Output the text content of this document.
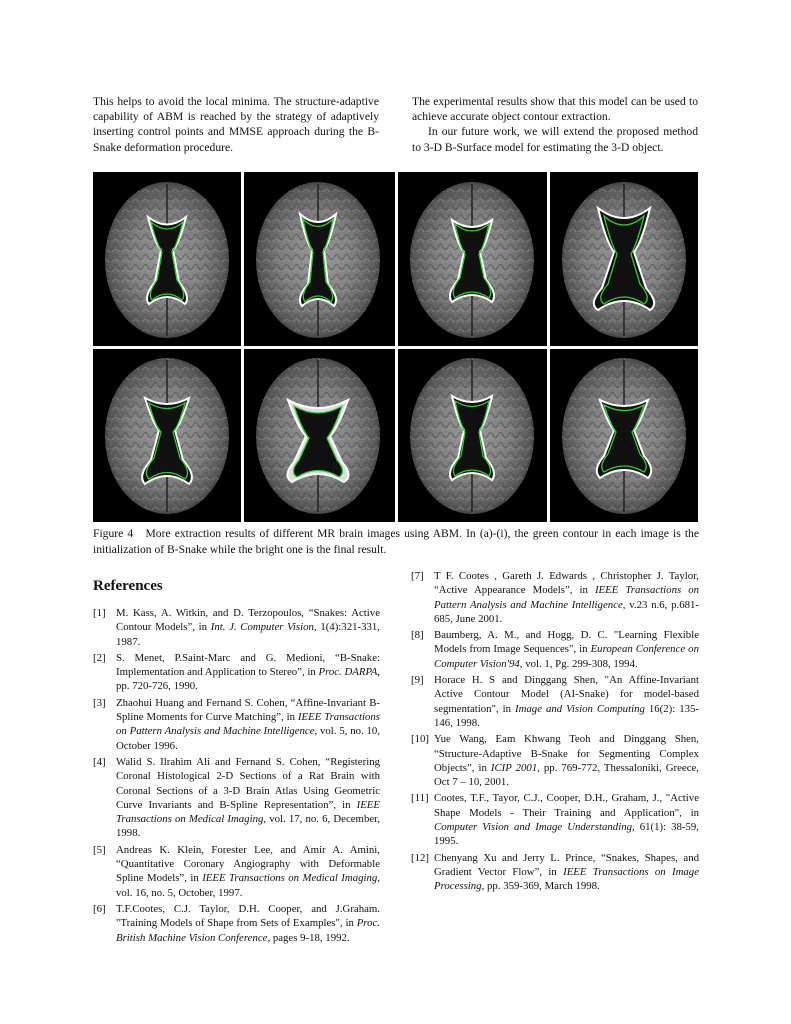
This helps to avoid the local minima. The structure-adaptive capability of ABM is reached by the strategy of adaptively inserting control points and MMSE approach during the B-Snake deformation procedure.

The experimental results show that this model can be used to achieve accurate object contour extraction.

In our future work, we will extend the proposed method to 3-D B-Surface model for estimating the 3-D object.

Figure 4 More extraction results of different MR brain images using ABM. In (a)-(i), the green contour in each image is the initialization of B-Snake while the bright one is the final result.
References
[1] M. Kass, A. Witkin, and D. Terzopoulos, “Snakes: Active Contour Models”, in Int. J. Computer Vision, 1(4):321-331, 1987.
[2] S. Menet, P.Saint-Marc and G. Medioni, “B-Snake: Implementation and Application to Stereo”, in Proc. DARPA, pp. 720-726, 1990.
[3] Zhaohui Huang and Fernand S. Cohen, “Affine-Invariant B-Spline Moments for Curve Matching”, in IEEE Transactions on Pattern Analysis and Machine Intelligence, vol. 5, no. 10, October 1996.
[4] Walid S. Ilrahim Ali and Fernand S. Cohen, “Registering Coronal Histological 2-D Sections of a Rat Brain with Coronal Sections of a 3-D Brain Atlas Using Geometric Curve Invariants and B-Spline Representation”, in IEEE Transactions on Medical Imaging, vol. 17, no. 6, December, 1998.
[5] Andreas K. Klein, Forester Lee, and Amir A. Amini, “Quantitative Coronary Angiography with Deformable Spline Models”, in IEEE Transactions on Medical Imaging, vol. 16, no. 5, October, 1997.
[6] T.F.Cootes, C.J. Taylor, D.H. Cooper, and J.Graham. "Training Models of Shape from Sets of Examples", in Proc. British Machine Vision Conference, pages 9-18, 1992.
[7] T F. Cootes , Gareth J. Edwards , Christopher J. Taylor, “Active Appearance Models”, in IEEE Transactions on Pattern Analysis and Machine Intelligence, v.23 n.6, p.681-685, June 2001.
[8] Baumberg, A. M., and Hogg, D. C. "Learning Flexible Models from Image Sequences", in European Conference on Computer Vision'94, vol. 1, Pg. 299-308, 1994.
[9] Horace H. S and Dinggang Shen, "An Affine-Invariant Active Contour Model (AI-Snake) for model-based segmentation", in Image and Vision Computing 16(2): 135-146, 1998.
[10] Yue Wang, Eam Khwang Teoh and Dinggang Shen, “Structure-Adaptive B-Snake for Segmenting Complex Objects”, in ICIP 2001, pp. 769-772, Thessaloniki, Greece, Oct 7 – 10, 2001.
[11] Cootes, T.F., Tayor, C.J., Cooper, D.H., Graham, J., "Active Shape Models - Their Training and Application", in Computer Vision and Image Understanding, 61(1): 38-59, 1995.
[12] Chenyang Xu and Jerry L. Prince, “Snakes, Shapes, and Gradient Vector Flow”, in IEEE Transactions on Image Processing, pp. 359-369, March 1998.
